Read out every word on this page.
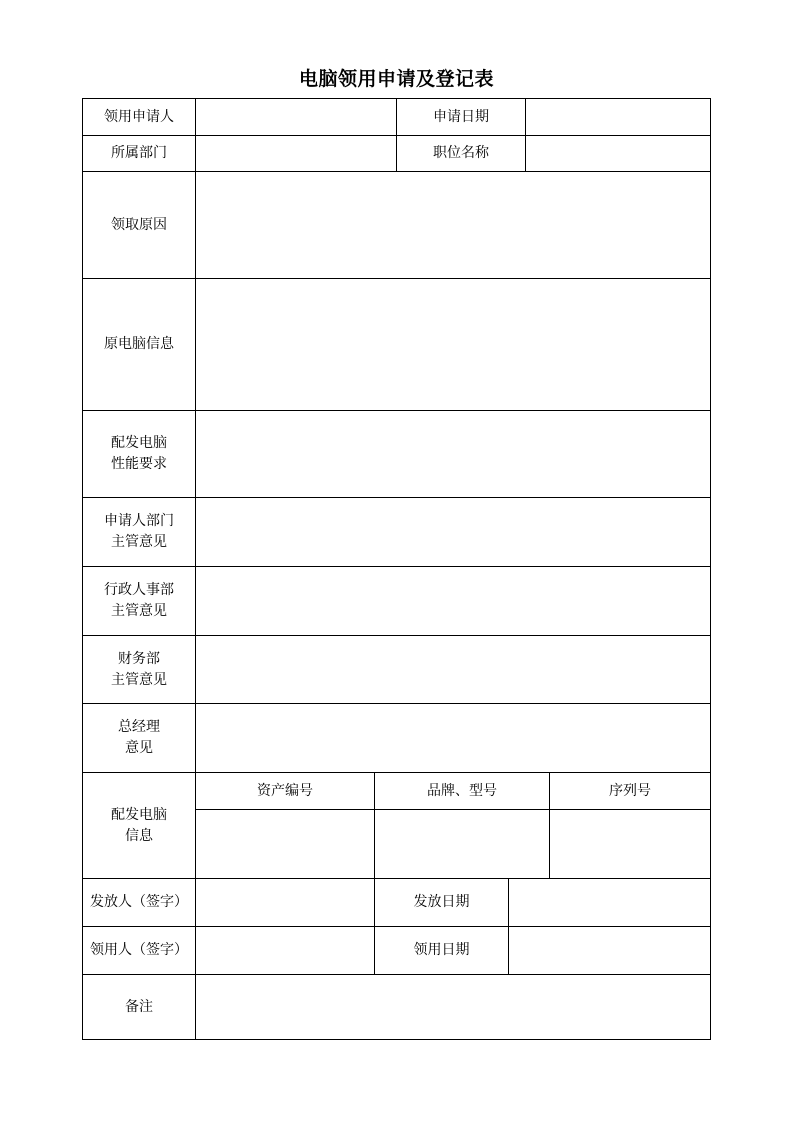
电脑领用申请及登记表
领用申请人	申请日期
所属部门	职位名称
领取原因
原电脑信息
配发电脑
性能要求
申请人部门
主管意见
行政人事部
主管意见
财务部
主管意见
总经理
意见
配发电脑
信息
资产编号	品牌、型号	序列号
发放人（签字）	发放日期
领用人（签字）	领用日期
备注
